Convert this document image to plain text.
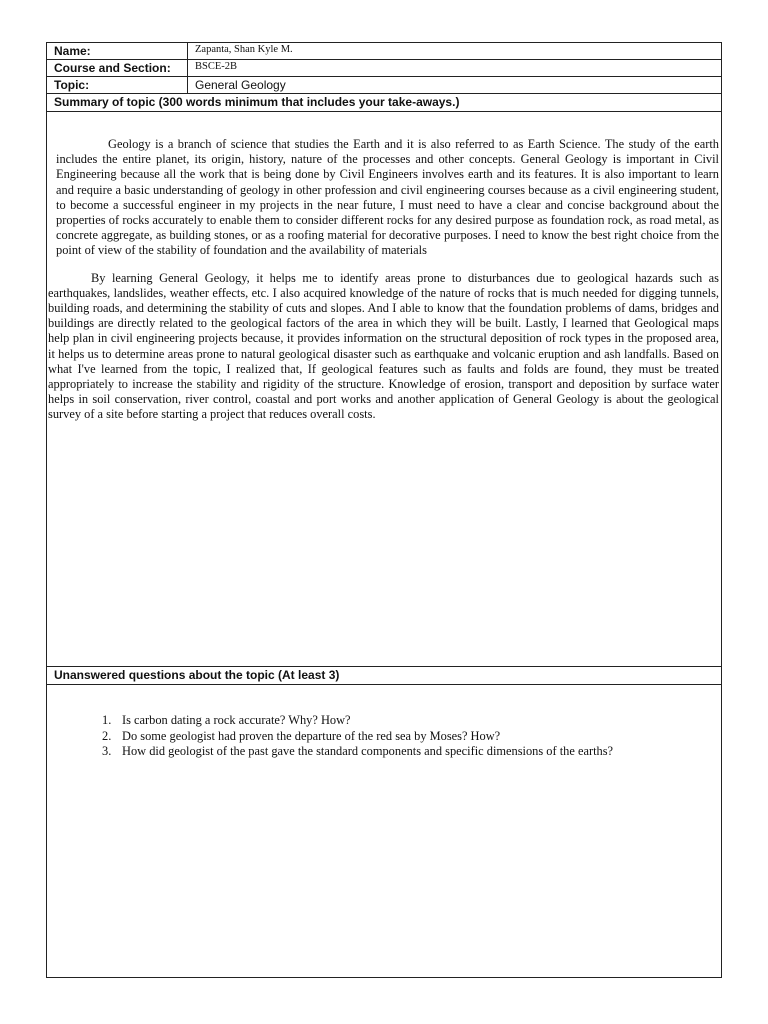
Name:	Zapanta, Shan Kyle M.
Course and Section:	BSCE-2B
Topic:	General Geology
Summary of topic (300 words minimum that includes your take-aways.)

Geology is a branch of science that studies the Earth and it is also referred to as Earth Science. The study of the earth includes the entire planet, its origin, history, nature of the processes and other concepts. General Geology is important in Civil Engineering because all the work that is being done by Civil Engineers involves earth and its features. It is also important to learn and require a basic understanding of geology in other profession and civil engineering courses because as a civil engineering student, to become a successful engineer in my projects in the near future, I must need to have a clear and concise background about the properties of rocks accurately to enable them to consider different rocks for any desired purpose as foundation rock, as road metal, as concrete aggregate, as building stones, or as a roofing material for decorative purposes. I need to know the best right choice from the point of view of the stability of foundation and the availability of materials

By learning General Geology, it helps me to identify areas prone to disturbances due to geological hazards such as earthquakes, landslides, weather effects, etc. I also acquired knowledge of the nature of rocks that is much needed for digging tunnels, building roads, and determining the stability of cuts and slopes. And I able to know that the foundation problems of dams, bridges and buildings are directly related to the geological factors of the area in which they will be built. Lastly, I learned that Geological maps help plan in civil engineering projects because, it provides information on the structural deposition of rock types in the proposed area, it helps us to determine areas prone to natural geological disaster such as earthquake and volcanic eruption and ash landfalls. Based on what I've learned from the topic, I realized that, If geological features such as faults and folds are found, they must be treated appropriately to increase the stability and rigidity of the structure. Knowledge of erosion, transport and deposition by surface water helps in soil conservation, river control, coastal and port works and another application of General Geology is about the geological survey of a site before starting a project that reduces overall costs.

Unanswered questions about the topic (At least 3)
1. Is carbon dating a rock accurate? Why? How?
2. Do some geologist had proven the departure of the red sea by Moses? How?
3. How did geologist of the past gave the standard components and specific dimensions of the earths?
